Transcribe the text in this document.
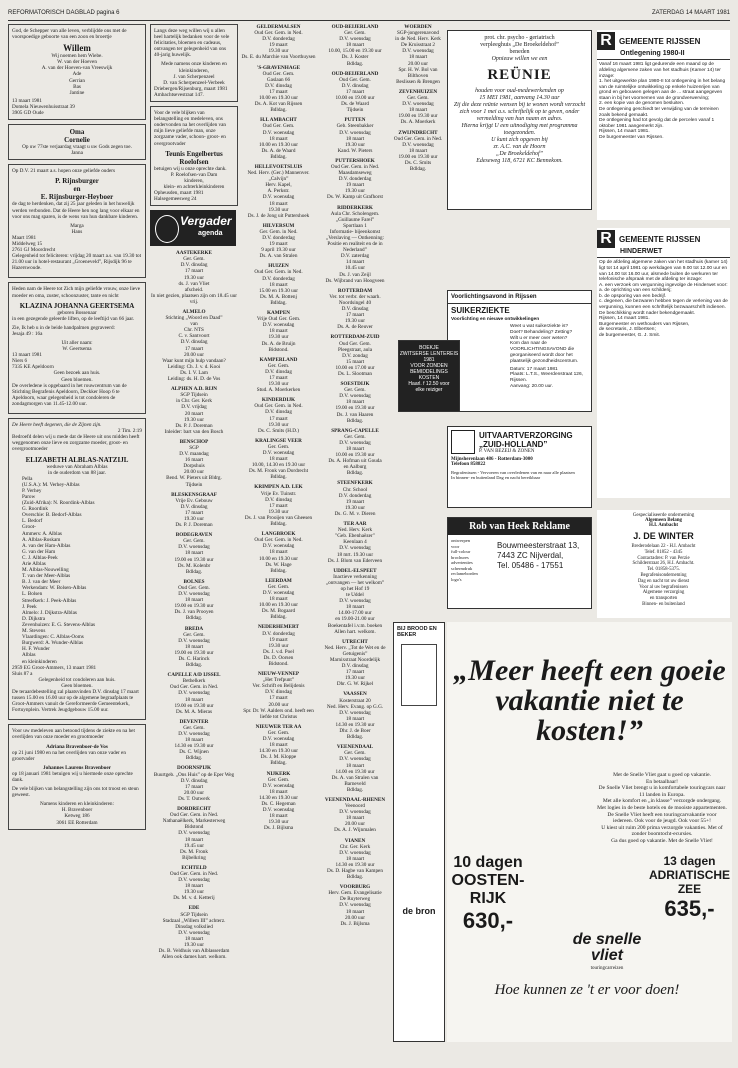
REFORMATORISCH DAGBLAD pagina 6	ZATERDAG 14 MAART 1981
God, de Schepper van alle leven, verblijdde ons met de voorspoedige geboorte van een zoon en broertje
Willem
Wij noemen hem Wiebe.
W. van der Hoeven
A. van der Hoeven-van Vreeswijk
Ade
Gerrian
Bas
Jantine
13 maart 1981
Domela Nieuwenhuisstraat 39
3905 GD Oude
Oma
Cornelie
Op uw 77ste verjaardag vraagt u uw Gods zegen toe.
Janna
Op D.V. 21 maart a.s. hopen onze geliefde ouders
P. Rijnsburger
en
E. Rijnsburger-Heyboer
de dag te herdenken, dat zij 25 jaar geleden in het huwelijk werden verbonden. Dat de Heere hen nog lang voor elkaar en voor ons mag sparen, is de wens van hun dankbare kinderen.
Marga
Hans
Maart 1981
Middelweg 15
2761 GJ Moordrecht
Gelegenheid tot feliciteren: vrijdag 20 maart a.s. van 19.30 tot 21.00 uur in hotel-restaurant „Groeneveld”, Rijsdijk 96 te Hazerswoude.
Heden nam de Heere tot Zich mijn geliefde vrouw, onze lieve moeder en oma, zuster, schoonzuster, tante en nicht
KLAZINA JOHANNA GEERTSEMA
geboren Bossenaar
in een gezegende geleerde liften, op de leeftijd van 66 jaar.
Zie, Ik heb u in de beide handpalmen gegraveerd:
Jesaja 49 : 16a
Uit aller naam:
W. Geertsema
13 maart 1981
Niers 6
7335 KE Apeldoorn
Geen bezoek aan huis.
Geen bloemen.
De overledene is opgebaard in het rouwcentrum van de Stichting Begrafenis Apeldoorn, Deckker Hoop 6 te Apeldoorn, waar gelegenheid is tot condoleren de zondagmorgen van 11.45-12.00 uur.
De Heere heeft degenen, die de Zijnen zijn.
2 Tim. 2:19
Bedroefd delen wij u mede dat de Heere uit ons midden heeft weggenomen onze lieve en zorgzame moeder, groot- en overgrootmoeder
ELIZABETH ALBLAS-NATZIJL
weduwe van Abraham Alblas
in de ouderdom van 88 jaar.
Pella
(U.S.A.): M. Verhey-Alblas
P. Verhey
Parow
(Zuid-Afrika): N. Roordink-Alblas
G. Roordink
Overschie: B. Bedorf-Alblas
L. Bedorf
Groot-
Ammers: A. Alblas
A. Alblas-Roskam
A. van der Ham-Alblas
G. van der Ham
C. J. Alblas-Peek
Arie Alblas
M. Alblas-Nouwelling
T. van der Meer-Alblas
B. J. van der Meer
Werkendam: W. Bolsen-Alblas
L. Bolsen
Streefkerk: J. Peek-Alblas
J. Peek
Almelo: J. Dijkstra-Alblas
D. Dijkstra
Zevenhuizen: E. G. Stevens-Alblas
M. Stevens
Vlaardingen: C. Alblas-Ooms
Burgwerd: A. Wunder-Alblas
H. F. Wunder
Alblas
en kleinkinderen
2959 EG Groot-Ammers, 13 maart 1981
Sluis 87 a
Gelegenheid tot condoleren aan huis.
Geen bloemen.
De teraardebestelling zal plaatsvinden D.V. dinsdag 17 maart tussen 15.00 en 16.00 uur op de algemene begraafplaats te Groot-Ammers vanuit de Gereformeerde Gemeentekerk, Fortuynplein. Vertrek Jeugdgebouw 15.00 uur.
Voor uw medeleven aan betoond tijdens de ziekte en na het overlijden van onze moeder en grootmoeder
Adriana Bravenboer-de Vos
op 21 juni 1980 en na het overlijden van onze vader en grootvader
Johannes Laurens Bravenboer
op 18 januari 1981 betuigen wij u hiermede onze oprechte dank.
De vele blijken van belangstelling zijn ons tot troost en steun geweest.
Namens kinderen en kleinkinderen:
H. Bravenboer
Ketweg 186
3061 EE Rotterdam
Langs deze weg willen wij u allen heel hartelijk bedanken voor de vele felicitaties, bloemen en cadeaus, ontvangen ter gelegenheid van ons 40-jarig huwelijk.
Mede namens onze kinderen en kleinkinderen,
J. van Scherpenzeel
D. van Scherpenzeel-Verbeek
Driebergen/Rijsenburg, maart 1981
Ambachtsevestraat 147.
Voor de vele blijken van belangstelling en medeleven, ons ondervonden na het overlijden van mijn lieve geliefde man, onze zorgzame vader, schoon- groot- en overgrootvader
Teunis Engelbertus Roelofsen
betuigen wij u onze oprechte dank.
P. Roelofsen-van Dam
kinderen,
klein- en achterkleinkinderen
Opheusden, maart 1981
Halsegemeesweg 24
Vergader
agenda
AASTEKERKE
Ger. Gem.
D.V. dinsdag
17 maart
19.30 uur
ds. J. van Vliet
afscheid.
In niet gezien, plaatsen zijn om 18.45 uur vrij.
ALMELO
Stichting „Woord en Daad”
van
Chr. NTS
C. v. Santvoort
D.V. dinsdag
17 maart
20.00 uur
Waar kunt mijn hulp vandaan?
Leiding: Ch. J. v. d. Kooi
Ds. I. V. Lam
Leiding: ds. H. D. de Vos
ALPHEN A.D. RIJN
SGP Tijdsein
in Chr. Ger. Kerk
D.V. vrijdag
20 maart
19.30 uur
Ds. P. J. Doreman
Inleider: bart van den Bosch
BENSCHOP
SGP
D.V. maandag
16 maart
Dorpshuis
20.00 uur
Bend. W. Pieters uit Bldrg.
Tijdsein
BLESKENSGRAAF
Vrije Ev. Gebouw
D.V. dinsdag
17 maart
19.30 uur
Ds. P. J. Doreman
BODEGRAVEN
Ger. Gem.
D.V. woensdag
18 maart
19.00 en 19.30 uur
Ds. M. Kolenbr
Bdldag.
BOLNES
Oud Ger. Gem.
D.V. woensdag
18 maart
19.00 en 19.30 uur
Ds. J. van Prooyen
Bdldag.
BREDA
Ger. Gem.
D.V. woensdag
18 maart
19.00 en 19.30 uur
Ds. C. Harinck
Bdldag.
CAPELLE A/D IJSSEL
Bethelkerk
Oud Ger. Gem. in Ned.
D.V. woensdag
18 maart
19.00 en 19.30 uur
Ds. M. A. Mieras
DEVENTER
Ger. Gem.
D.V. woensdag
18 maart
14.30 en 19.30 uur
Ds. C. Wijnen
Bdldag.
DOORNSPIJK
Buurtgeb. „Ons Huis” op de Eper Weg
D.V. dinsdag
17 maart
20.00 uur
Ds. T. Outwerk
DORDRECHT
Oud Ger. Gem. in Ned.
Nathanaëlkerk, Markesterweg
Bidstond
D.V. woensdag
18 maart
19.45 uur
Ds. M. Fronk
Bijbelkring
ECHTELD
Oud Ger. Gem. in Ned.
D.V. woensdag
18 maart
19.30 uur
Ds. M. v. d. Ketterij
EDE
SGP Tijdsein
Stadzaal „Willem III” achterz.
Dinsdag volkslied
D.V. woensdag
18 maart
19.30 uur
Ds. B. Veldhuis van Alblasserdam
Allen ook dames hart. welkom.
GELDERMALSEN
Oud Ger. Gem. in Ned.
D.V. donderdag
19 maart
19.30 uur
Ds. E. du Marchie van Voorthuysen
'S-GRAVENHAGE
Oud Ger. Gem.
Gaslaan 66
D.V. dinsdag
17 maart
10.00 en 19.30 uur
Ds. A. Kot van Rijssen
Bdldag.
H.I. AMBACHT
Oud Ger. Gem.
D.V. woensdag
18 maart
10.00 en 19.30 uur
Ds. A. de Waard
Bdldag.
HELLEVOETSLUIS
Ned. Herv. (Ger.) Mannenver. „Calvijn”
Herv. Kapel,
A. Perkstr.
D.V. woensdag
18 maart
19.30 uur
Ds. J. de Jong uit Puttershoek
HILVERSUM
Ger. Gem. in Ned.
D.V. donderdag
19 maart
9 april 19.30 uur
Ds. A. van Stralen
HUIZEN
Oud Ger. Gem. in Ned.
D.V. donderdag
18 maart
15.00 en 19.30 uur
Ds. M. A. Bottenj
Bdldag.
KAMPEN
Vrije Oud Ger. Gem.
D.V. woensdag
18 maart
19.30 uur
Ds. A. de Bruijn
Bidstond.
KAMPERLAND
Ger. Gem.
D.V. dinsdag
17 maart
19.30 uur
Stud. A. Moerkerken
KINDERDIJK
Oud Ger. Gem. in Ned.
D.V. dinsdag
17 maart
19.30 uur
Ds. C. Smits (H.D.)
KRALINGSE VEER
Ger. Gem.
D.V. woensdag
18 maart
10.00, 14.30 en 19.30 uur
Ds. M. Fronk van Dordrecht
Bdldag.
KRIMPEN A.D. LEK
Vrije Ev. Tuinstr.
D.V. dinsdag
17 maart
19.30 uur
Ds. J. van Prooijen van Gheesen
Bdldag.
LANGBROEK
Oud Ger. Gem. in Ned.
D.V. woensdag
18 maart
10.00 en 19.30 uur
Ds. W. Hage
Bdldag.
LEERDAM
Ger. Gem.
D.V. woensdag
18 maart
10.00 en 19.30 uur
Ds. M. Bogaard
Bdldag.
NEDERHEMERT
D.V. donderdag
19 maart
19.30 uur
Ds. J. v.d. Poel
Ds. D. Oorsen
Bidstond.
NIEUW-VENNEP
„Het Trefpunt”
Ver. Schrift en Belijdenis
D.V. dinsdag
17 maart
20.00 uur
Spr. Dr. W. Aalders ond. heeft een liefde tot Christus
NIEUWER TER AA
Ger. Gem.
D.V. woensdag
18 maart
14.30 en 19.30 uur
Ds. J. M. Kloppe
Bdldag.
NIJKERK
Ger. Gem.
D.V. woensdag
18 maart
14.30 en 19.30 uur
Ds. C. Hegeman
D.V. woensdag
18 maart
19.30 uur
Ds. J. Bijlsma
OUD-BEIJERLAND
Ger. Gem.
D.V. woensdag
18 maart
10.00, 15.00 en 19.30 uur
Ds. J. Koster
Bdldag.
OUD-BEIJERLAND
Oud Ger. Gem.
D.V. dinsdag
17 maart
10.00 en 19.00 uur
Ds. de Waard
Tijdsein
PUTTEN
Geb. Steenbakker
D.V. woensdag
18 maart
19.30 uur
Kand. W. Pieters
PUTTERSHOEK
Oud Ger. Gem. in Ned.
Maasdamseweg
D.V. donderdag
19 maart
19.30 uur
Ds. W. Kamp uit Grafhorst
RIDDERKERK
Aula Chr. Scholengem.
„Guillaume Farel”
Sportlaan 1
Informatie- bijeenkomst
„Verslaving — Ontkenning: Positie en realiteit en de in Nederland”
D.V. zaterdag
14 maart
10.45 uur
Ds. J. van Zeijl
Ds. Wijbrand van Hoogveen
ROTTERDAM
Ver. tot verbr. der waarh.
Noordsingel 40
D.V. dinsdag
17 maart
19.30 uur
Ds. A. de Reuver
ROTTERDAM-ZUID
Oud Ger. Gem.
Pleegstraat, aula
D.V. zondag
15 maart
10.00 en 17.00 uur
Ds. L. Slootman
SOESTDIJK
Ger. Gem.
D.V. woensdag
18 maart
19.00 en 19.30 uur
Ds. J. van Haaren
Bdldag.
SPRANG-CAPELLE
Ger. Gem.
D.V. woensdag
18 maart
10.00 en 19.30 uur
Ds. A. Hofman uit Gouda
en Aalburg
Bdldag.
STEENFKERK
Chr. School
D.V. donderdag
19 maart
19.30 uur
Ds. G. M. v. Dieren
TER AAR
Ned. Herv. Kerk
"Geb. Ebenhaëzer"
Keenlaan 4
D.V. woensdag
18 mrt. 19.30 uur
Ds. J. Blom van Ederveen
UDDEL-ELSPEET
Inactieve verkenning „ontvangen — het welkom”
op het Hof 19
te Uddel
D.V. woensdag
18 maart
14.00-17.00 uur
en 19.00-21.00 uur
Boekentafel i.v.m. boeken
Allen hart. welkom.
UTRECHT
Ned. Herv. „Tot de Wet en de Getuigenis”
Marnixstraat Noordelijk
D.V. dinsdag
17 maart
19.30 uur
Dhr. G. W. Rijkel
VAASSEN
Kosterstraat 20
Ned. Herv. Evang. op G.G.
D.V. woensdag
18 maart
14.30 en 19.30 uur
Dhr. J. de Boer
Bdldag.
VEENENDAAL
Ger. Gem.
D.V. woensdag
18 maart
14.00 en 19.30 uur
Ds. A. van Stralen van Barneveld
Bdldag.
VEENENDAAL-RHENEN
Veenoord
D.V. woensdag
18 maart
20.00 uur
Ds. A. J. Wijnmalen
VIANEN
Chr. Ger. Kerk
D.V. woensdag
18 maart
14.30 en 19.30 uur
Ds. D. Hagbe van Kampen
Bdldag.
VOORBURG
Herv. Gem. Evangelisatie
De Ruyterweg
D.V. woensdag
18 maart
20.00 uur
Ds. J. Bijlsma
WOERDEN
SGP-jongerenavond
in de Ned. Herv. Kerk
De Kruisstraat 2
D.V. woensdag
18 maart
20.00 uur
Spr. H. W. Bol van Bilthoven
Beslissen & Brengen
ZEVENHUIZEN
Ger. Gem.
D.V. woensdag
18 maart
19.00 en 19.30 uur
Ds. A. Moerkerk
ZWIJNDRECHT
Oud Ger. Gem. in Ned.
D.V. woensdag
18 maart
19.00 en 19.30 uur
Ds. C. Smits
Bdldag.
prot. chr. psycho - geriatrisch
verpleeghuis „De Broekeldehof”
beneden
Opnieuw willen we een
REÜNIE
houden voor oud-medewerkenden op
15 MEI 1981, aanvang 14.30 uur
Zij die deze reünie wensen bij te wonen wordt verzocht zich voor 1 mei a.s. schriftelijk op te geven, onder vermelding van hun naam en adres.
Hierna krijgt U een uitnodiging met programma toegezonden.
U kunt zich opgeven bij
zr. A.C. van de Hoorn
„De Broekeldehof”
Edeseweg 118, 6721 KC Bennekom.
Voorlichtingsavond in Rijssen
SUIKERZIEKTE
Voorlichting en nieuwe ontwikkelingen
Weet u wat suikerziekte is?
Doet? Behandeling? Zetting?
Wilt u er meer over weten?
Kom dan naar de VOORLICHTINGSAVOND die georganiseerd wordt door het plaatselijk gezondheidscentrum.
Datum: 17 maart 1981
Plaats: L.T.S., Weerdenstraat 126, Rijssen.
Aanvang: 20.00 uur.
BOEKJE
ZWITSERSE LENTEREIS 1981
VOOR ZONDEN
BEMIDDELINGS
KOSTEN
Haarl. f 12.50 voor
elke reiziger
UITVAARTVERZORGING
„ZUID-HOLLAND”
P. VAN BEZEIJ & ZONEN
Mijnsherenlaan 486 - Rotterdam-3000
Telefoon 858822
Begrafenissen - Vervoeren van overledenen van en naar alle plaatsen
In binnen- en buitenland Dag en nacht bereikbaar
Rob van Heek Reklame
ontwerpen
voor
full-colour
brochures
advertenties
schermdruk
reclameborden
logo's
Bouwmeesterstraat 13,
7443 ZC Nijverdal,
Tel. 05486 - 17551
R GEMEENTE RIJSSEN
Ontlegening 1980-II
Vanaf 16 maart 1981 ligt gedurende een maand op de afdeling algemene zaken van het stadhuis (Kamer 14) ter inzage:
1. het uitgewerkte plan 1980-II tot ontlegening in het belang van de ruimtelijke ontwikkeling op enkele huizenrijen van grond en gebouwen gelegen aan de ... straat aangegeven staan in bij het voornemen van de grondverwerving;
2. een kopie van de genomen besluiten.
De ontlegening geschiedt ter verwijding van de terreinen zoals bekend gemaakt.
De ontlegening had tot gevolg dat de percelen vanaf 1 oktober 1981 aangemerkt zijn.
Rijssen, 14 maart 1981.
De burgemeester van Rijssen.
R GEMEENTE RIJSSEN
HINDERWET
Op de afdeling algemene zaken van het stadhuis (kamer 14) ligt tot 14 april 1981 op werkdagen van 9.00 tot 12.00 uur en van 14.00 tot 16.00 uur, alsmede buiten de werkuren ter telefonische afspraak met de afdeling ter inzage:
A. een verzoek om vergunning ingevolge de Hinderwet voor:
a. de oprichting van een schilderij;
b. de opsporing van een bedrijf.
c. degenen, die bezwaren hebben tegen de verlening van de vergunning, kunnen een schriftelijk bezwaarschrift indienen.
De beschikking wordt nader bekendgemaakt.
Rijssen, 14 maart 1981.
Burgemeester en wethouders van Rijssen,
de secretaris, J. Elbertsen;
de burgemeester, G. J. Smit.
Gespecialiseerde onderneming
Algemeen Belang
H.I. Ambacht
J. DE WINTER
Brederodelaan 22 - H.I. Ambacht
Telef. 01852 - 4345
Contactadres: P. van Perzie
Schilderstraat 26, H.I. Ambacht.
Tel. 01858-5375.
Begrafenisonderneming
Dag en nacht tot uw dienst
Voor al uw begrafenissen
Algemene verzorging
en transporten
Binnen- en buitenland
BIJ BROOD EN BEKER
de bron
„Meer heeft een goeie vakantie niet te kosten!”
Met de Snelle Vliet gaat u goed op vakantie.
En betaalbaar!
De Snelle Vliet brengt u in komfortabele touringcars naar 11 landen in Europa.
Met alle komfort en „in klasse” verzorgde ondergang.
Met logies in de beste hotels en de mooiste appartementen.
De Snelle Vliet heeft een touringcarvakantie voor iedereen. Ook voor de jeugd. Ook voor 55+!
U kiest uit ruim 200 prima verzorgde vakanties. Met of zonder boomtocht-ecursies.
Ga dus goed op vakantie. Met de Snelle Vliet!
10 dagen
OOSTEN-RIJK
630,-
13 dagen
ADRIATISCHE ZEE
635,-
de snelle vliet
touringcarreizen
Hoe kunnen ze 't er voor doen!
